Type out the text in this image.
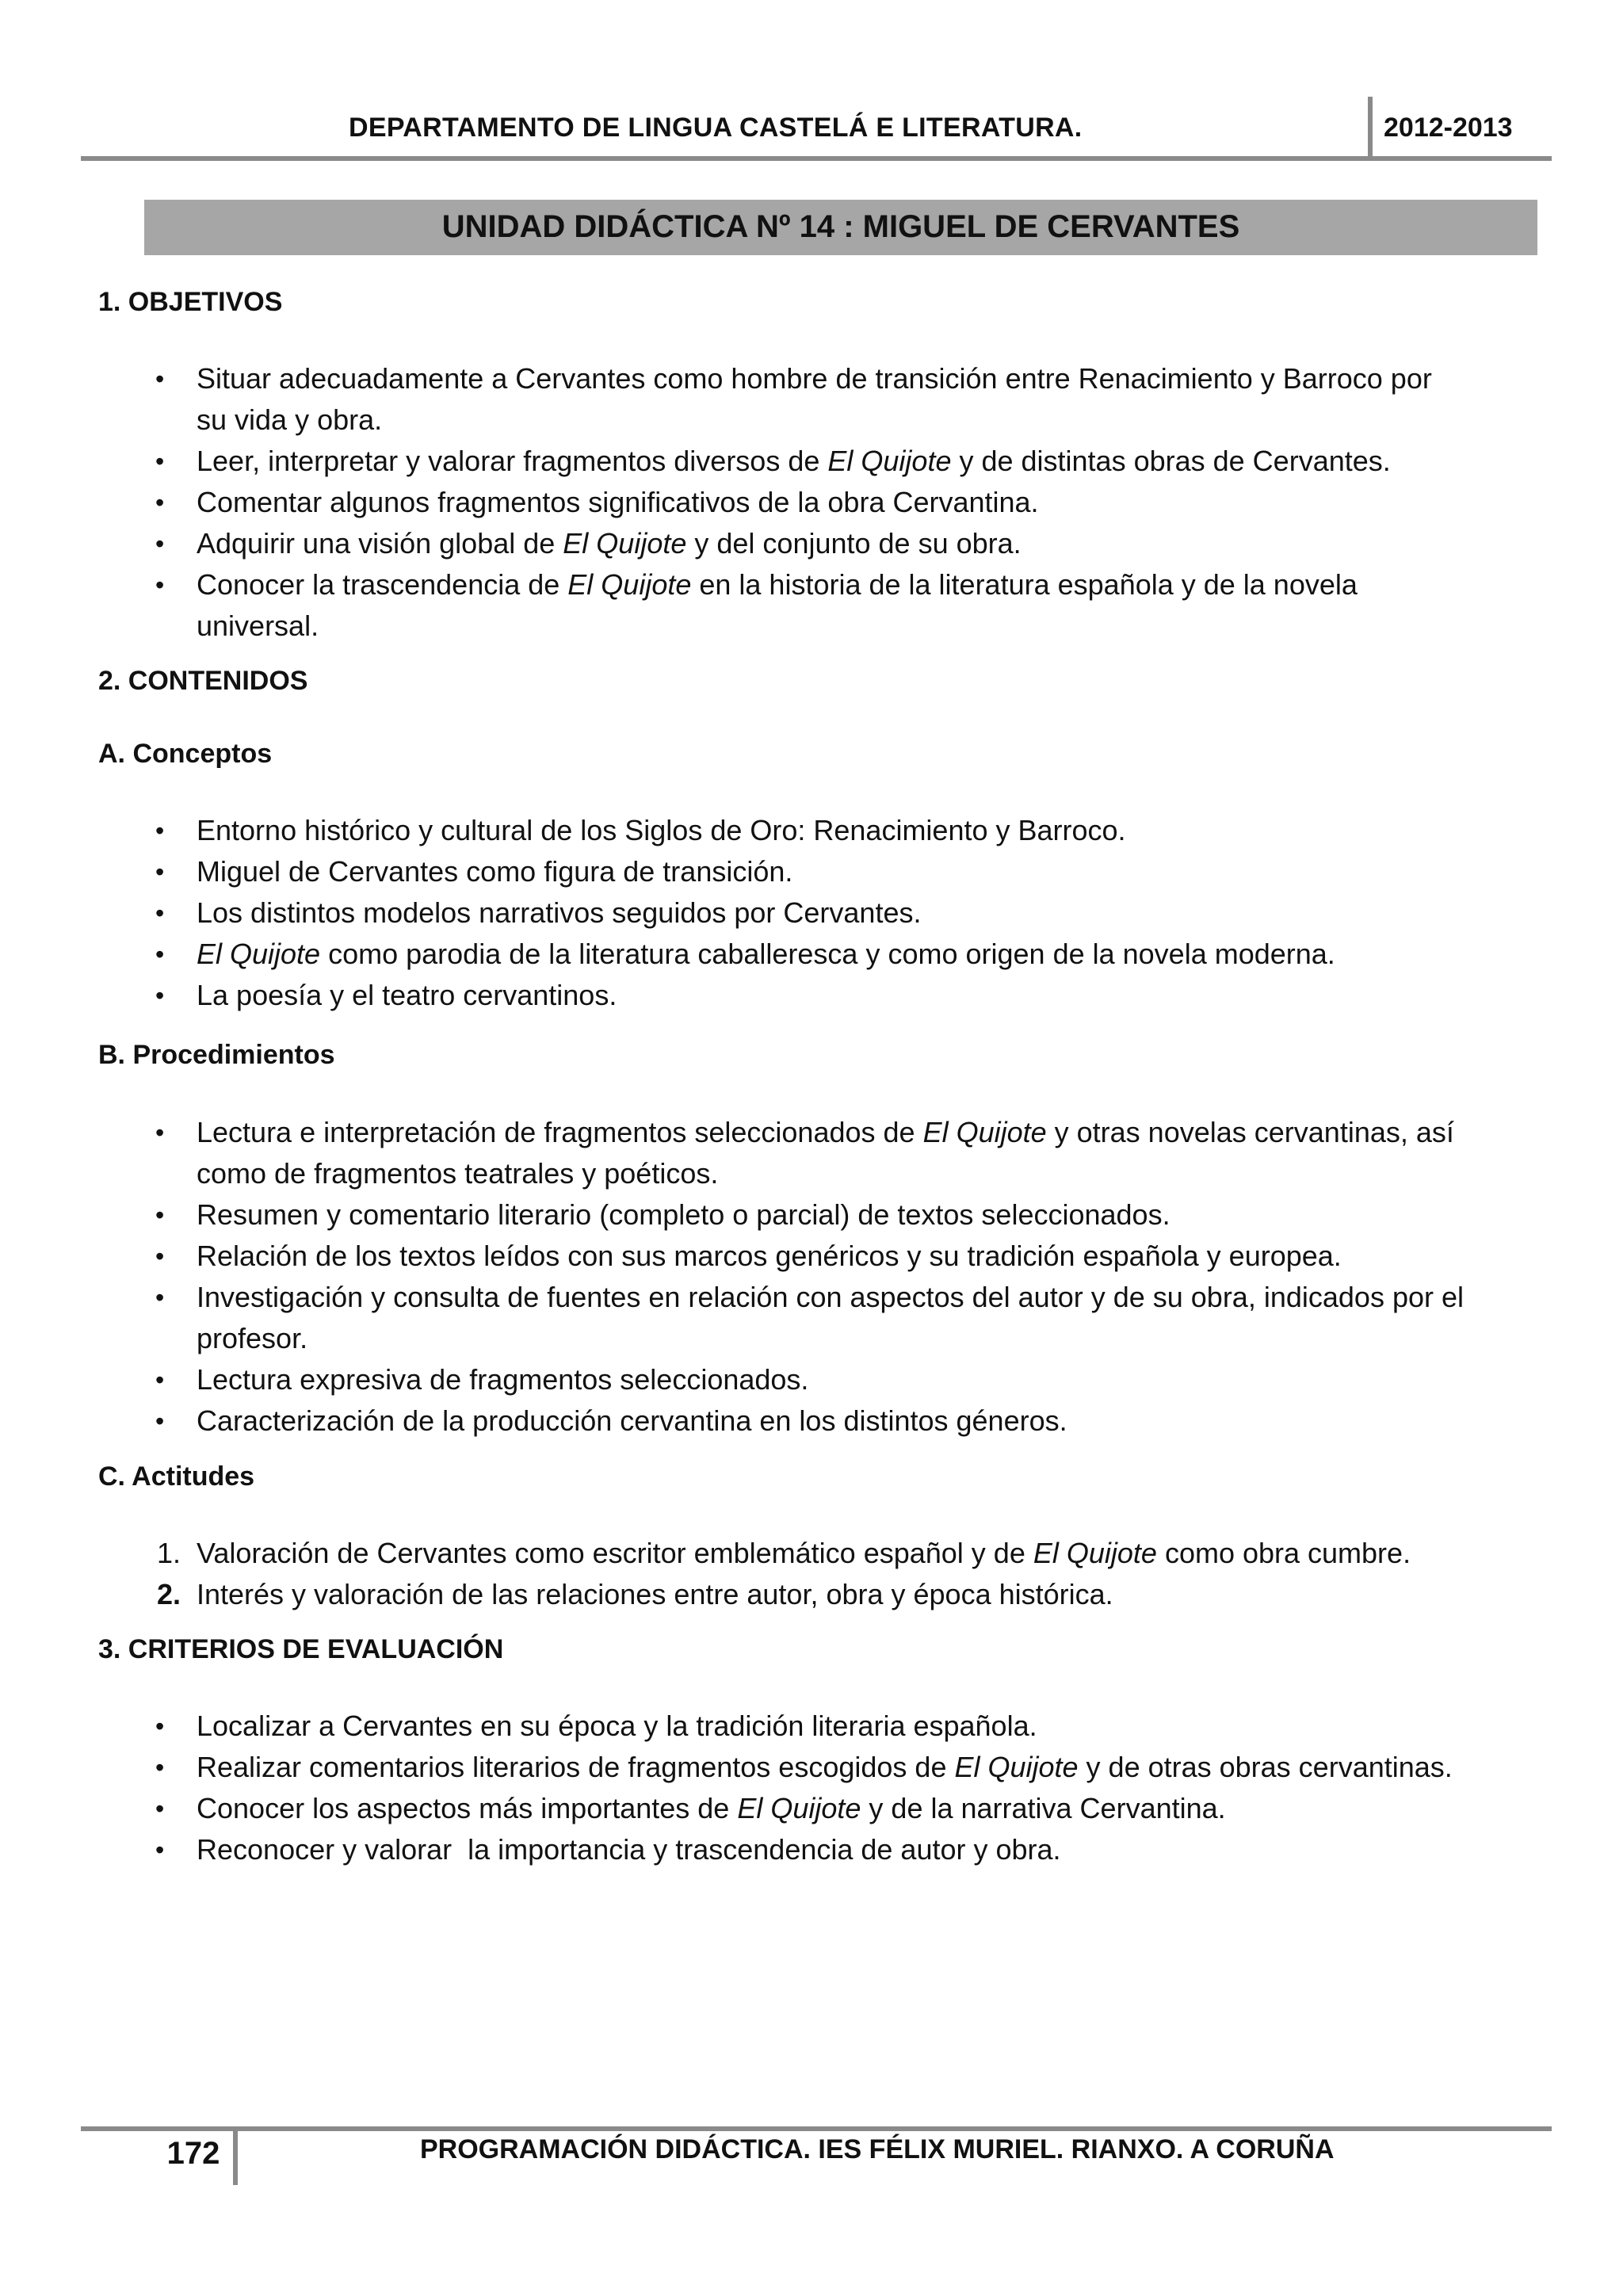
DEPARTAMENTO DE LINGUA CASTELÁ E LITERATURA.	2012-2013
UNIDAD DIDÁCTICA Nº 14 : MIGUEL DE CERVANTES
1. OBJETIVOS
• Situar adecuadamente a Cervantes como hombre de transición entre Renacimiento y Barroco por
su vida y obra.
• Leer, interpretar y valorar fragmentos diversos de El Quijote y de distintas obras de Cervantes.
• Comentar algunos fragmentos significativos de la obra Cervantina.
• Adquirir una visión global de El Quijote y del conjunto de su obra.
• Conocer la trascendencia de El Quijote en la historia de la literatura española y de la novela
universal.
2. CONTENIDOS
A. Conceptos
• Entorno histórico y cultural de los Siglos de Oro: Renacimiento y Barroco.
• Miguel de Cervantes como figura de transición.
• Los distintos modelos narrativos seguidos por Cervantes.
• El Quijote como parodia de la literatura caballeresca y como origen de la novela moderna.
• La poesía y el teatro cervantinos.
B. Procedimientos
• Lectura e interpretación de fragmentos seleccionados de El Quijote y otras novelas cervantinas, así
como de fragmentos teatrales y poéticos.
• Resumen y comentario literario (completo o parcial) de textos seleccionados.
• Relación de los textos leídos con sus marcos genéricos y su tradición española y europea.
• Investigación y consulta de fuentes en relación con aspectos del autor y de su obra, indicados por el
profesor.
• Lectura expresiva de fragmentos seleccionados.
• Caracterización de la producción cervantina en los distintos géneros.
C. Actitudes
1. Valoración de Cervantes como escritor emblemático español y de El Quijote como obra cumbre.
2. Interés y valoración de las relaciones entre autor, obra y época histórica.
3. CRITERIOS DE EVALUACIÓN
• Localizar a Cervantes en su época y la tradición literaria española.
• Realizar comentarios literarios de fragmentos escogidos de El Quijote y de otras obras cervantinas.
• Conocer los aspectos más importantes de El Quijote y de la narrativa Cervantina.
• Reconocer y valorar  la importancia y trascendencia de autor y obra.
172	PROGRAMACIÓN DIDÁCTICA. IES FÉLIX MURIEL. RIANXO. A CORUÑA
